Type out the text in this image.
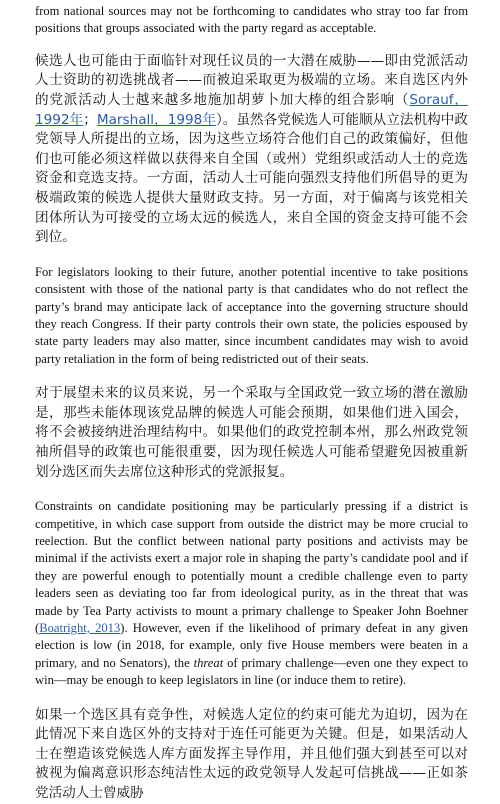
from national sources may not be forthcoming to candidates who stray too far from positions that groups associated with the party regard as acceptable.

候选人也可能由于面临针对现任议员的一大潜在威胁——即由党派活动人士资助的初选挑战者——而被迫采取更为极端的立场。来自选区内外的党派活动人士越来越多地施加胡萝卜加大棒的组合影响（Sorauf，1992年；Marshall，1998年）。虽然各党候选人可能顺从立法机构中政党领导人所提出的立场，因为这些立场符合他们自己的政策偏好，但他们也可能必须这样做以获得来自全国（或州）党组织或活动人士的竞选资金和竞选支持。一方面，活动人士可能向强烈支持他们所倡导的更为极端政策的候选人提供大量财政支持。另一方面，对于偏离与该党相关团体所认为可接受的立场太远的候选人，来自全国的资金支持可能不会到位。

For legislators looking to their future, another potential incentive to take positions consistent with those of the national party is that candidates who do not reflect the party’s brand may anticipate lack of acceptance into the governing structure should they reach Congress. If their party controls their own state, the policies espoused by state party leaders may also matter, since incumbent candidates may wish to avoid party retaliation in the form of being redistricted out of their seats.

对于展望未来的议员来说，另一个采取与全国政党一致立场的潜在激励是，那些未能体现该党品牌的候选人可能会预期，如果他们进入国会，将不会被接纳进治理结构中。如果他们的政党控制本州，那么州政党领袖所倡导的政策也可能很重要，因为现任候选人可能希望避免因被重新划分选区而失去席位这种形式的党派报复。

Constraints on candidate positioning may be particularly pressing if a district is competitive, in which case support from outside the district may be more crucial to reelection. But the conflict between national party positions and activists may be minimal if the activists exert a major role in shaping the party’s candidate pool and if they are powerful enough to potentially mount a credible challenge even to party leaders seen as deviating too far from ideological purity, as in the threat that was made by Tea Party activists to mount a primary challenge to Speaker John Boehner (Boatright, 2013). However, even if the likelihood of primary defeat in any given election is low (in 2018, for example, only five House members were beaten in a primary, and no Senators), the threat of primary challenge—even one they expect to win—may be enough to keep legislators in line (or induce them to retire).

如果一个选区具有竞争性，对候选人定位的约束可能尤为迫切，因为在此情况下来自选区外的支持对于连任可能更为关键。但是，如果活动人士在塑造该党候选人库方面发挥主导作用，并且他们强大到甚至可以对被视为偏离意识形态纯洁性太远的政党领导人发起可信挑战——正如茶党活动人士曾威胁
